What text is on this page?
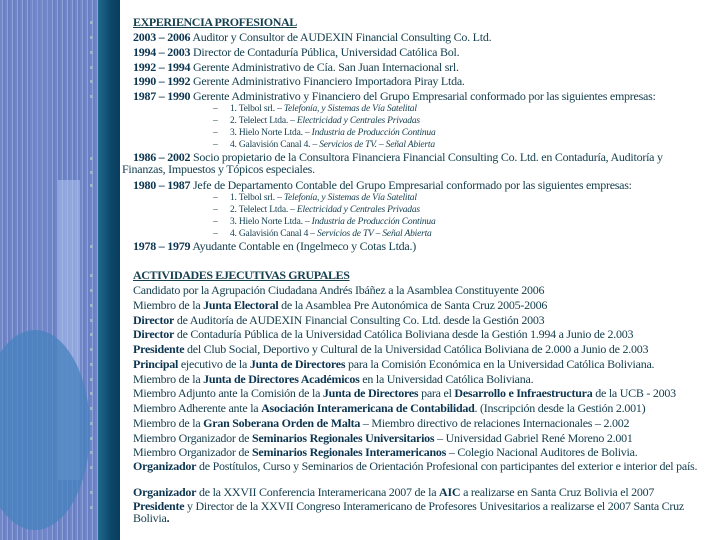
EXPERIENCIA PROFESIONAL
2003 – 2006 Auditor y Consultor de AUDEXIN Financial Consulting Co. Ltd.
1994 – 2003 Director de Contaduría Pública, Universidad Católica Bol.
1992 – 1994 Gerente Administrativo de Cía. San Juan Internacional srl.
1990 – 1992 Gerente Administrativo Financiero Importadora Piray Ltda.
1987 – 1990 Gerente Administrativo y Financiero del Grupo Empresarial conformado por las siguientes empresas:
– 1. Telbol srl. – Telefonía, y Sistemas de Vía Satelital
– 2. Telelect Ltda. – Electricidad y Centrales Privadas
– 3. Hielo Norte Ltda. – Industria de Producción Continua
– 4. Galavisión Canal 4. – Servicios de TV. – Señal Abierta
1986 – 2002 Socio propietario de la Consultora Financiera Financial Consulting Co. Ltd. en Contaduría, Auditoría y Finanzas, Impuestos y Tópicos especiales.
1980 – 1987 Jefe de Departamento Contable del Grupo Empresarial conformado por las siguientes empresas:
– 1. Telbol srl. – Telefonía, y Sistemas de Vía Satelital
– 2. Telelect Ltda. – Electricidad y Centrales Privadas
– 3. Hielo Norte Ltda. – Industria de Producción Continua
– 4. Galavisión Canal 4 – Servicios de TV – Señal Abierta
1978 – 1979 Ayudante Contable en (Ingelmeco y Cotas Ltda.)
ACTIVIDADES EJECUTIVAS GRUPALES
Candidato por la Agrupación Ciudadana Andrés Ibáñez a la Asamblea Constituyente 2006
Miembro de la Junta Electoral de la Asamblea Pre Autonómica de Santa Cruz 2005-2006
Director de Auditoría de AUDEXIN Financial Consulting Co. Ltd. desde la Gestión 2003
Director de Contaduría Pública de la Universidad Católica Boliviana desde la Gestión 1.994 a Junio de 2.003
Presidente del Club Social, Deportivo y Cultural de la Universidad Católica Boliviana de 2.000 a Junio de 2.003
Principal ejecutivo de la Junta de Directores para la Comisión Económica en la Universidad Católica Boliviana.
Miembro de la Junta de Directores Académicos en la Universidad Católica Boliviana.
Miembro Adjunto ante la Comisión de la Junta de Directores para el Desarrollo e Infraestructura de la UCB - 2003
Miembro Adherente ante la Asociación Interamericana de Contabilidad. (Inscripción desde la Gestión 2.001)
Miembro de la Gran Soberana Orden de Malta – Miembro directivo de relaciones Internacionales – 2.002
Miembro Organizador de Seminarios Regionales Universitarios – Universidad Gabriel René Moreno 2.001
Miembro Organizador de Seminarios Regionales Interamericanos – Colegio Nacional Auditores de Bolivia.
Organizador de Postítulos, Curso y Seminarios de Orientación Profesional con participantes del exterior e interior del país.
Organizador de la XXVII Conferencia Interamericana 2007 de la AIC a realizarse en Santa Cruz Bolivia el 2007
Presidente y Director de la XXVII Congreso Interamericano de Profesores Univesitarios a realizarse el 2007 Santa Cruz Bolivia.
